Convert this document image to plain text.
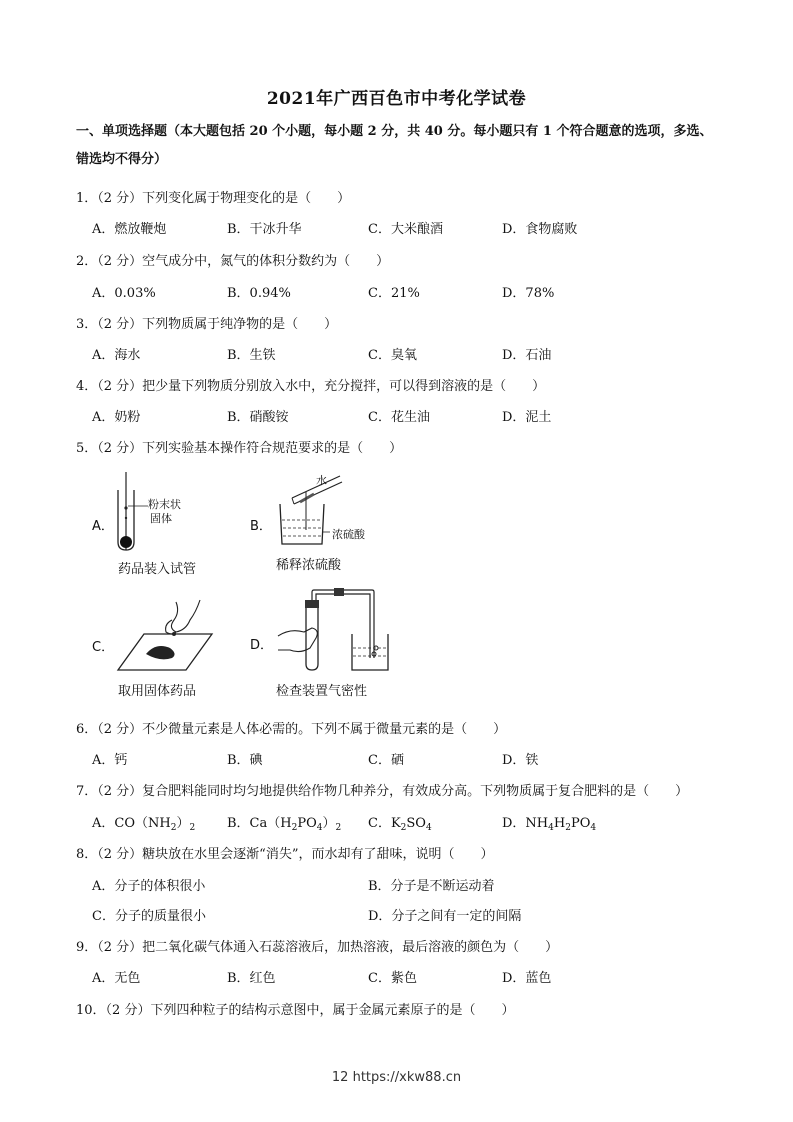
2021年广西百色市中考化学试卷
一、单项选择题（本大题包括 20 个小题，每小题 2 分，共 40 分。每小题只有 1 个符合题意的选项，多选、
错选均不得分）
1．（2 分）下列变化属于物理变化的是（　　）
A．燃放鞭炮	B．干冰升华	C．大米酿酒	D．食物腐败
2．（2 分）空气成分中，氮气的体积分数约为（　　）
A．0.03%	B．0.94%	C．21%	D．78%
3．（2 分）下列物质属于纯净物的是（　　）
A．海水	B．生铁	C．臭氧	D．石油
4．（2 分）把少量下列物质分别放入水中，充分搅拌，可以得到溶液的是（　　）
A．奶粉	B．硝酸铵	C．花生油	D．泥土
5．（2 分）下列实验基本操作符合规范要求的是（　　）
A．
粉末状
固体
药品装入试管
B．
水
浓硫酸
稀释浓硫酸
C．
取用固体药品
D．
检查装置气密性
6．（2 分）不少微量元素是人体必需的。下列不属于微量元素的是（　　）
A．钙	B．碘	C．硒	D．铁
7．（2 分）复合肥料能同时均匀地提供给作物几种养分，有效成分高。下列物质属于复合肥料的是（　　）
A．$CO(NH_2)_2$ B．$Ca(H_2PO_4)_2$ C．$K_2SO_4$	D．$NH_4H_2PO_4$
8．（2 分）糖块放在水里会逐渐“消失”，而水却有了甜味，说明（　　）
A．分子的体积很小	B．分子是不断运动着
C．分子的质量很小	D．分子之间有一定的间隔
9．（2 分）把二氧化碳气体通入石蕊溶液后，加热溶液，最后溶液的颜色为（　　）
A．无色	B．红色	C．紫色	D．蓝色
10．（2 分）下列四种粒子的结构示意图中，属于金属元素原子的是（　　）
12 https://xkw88.cn
